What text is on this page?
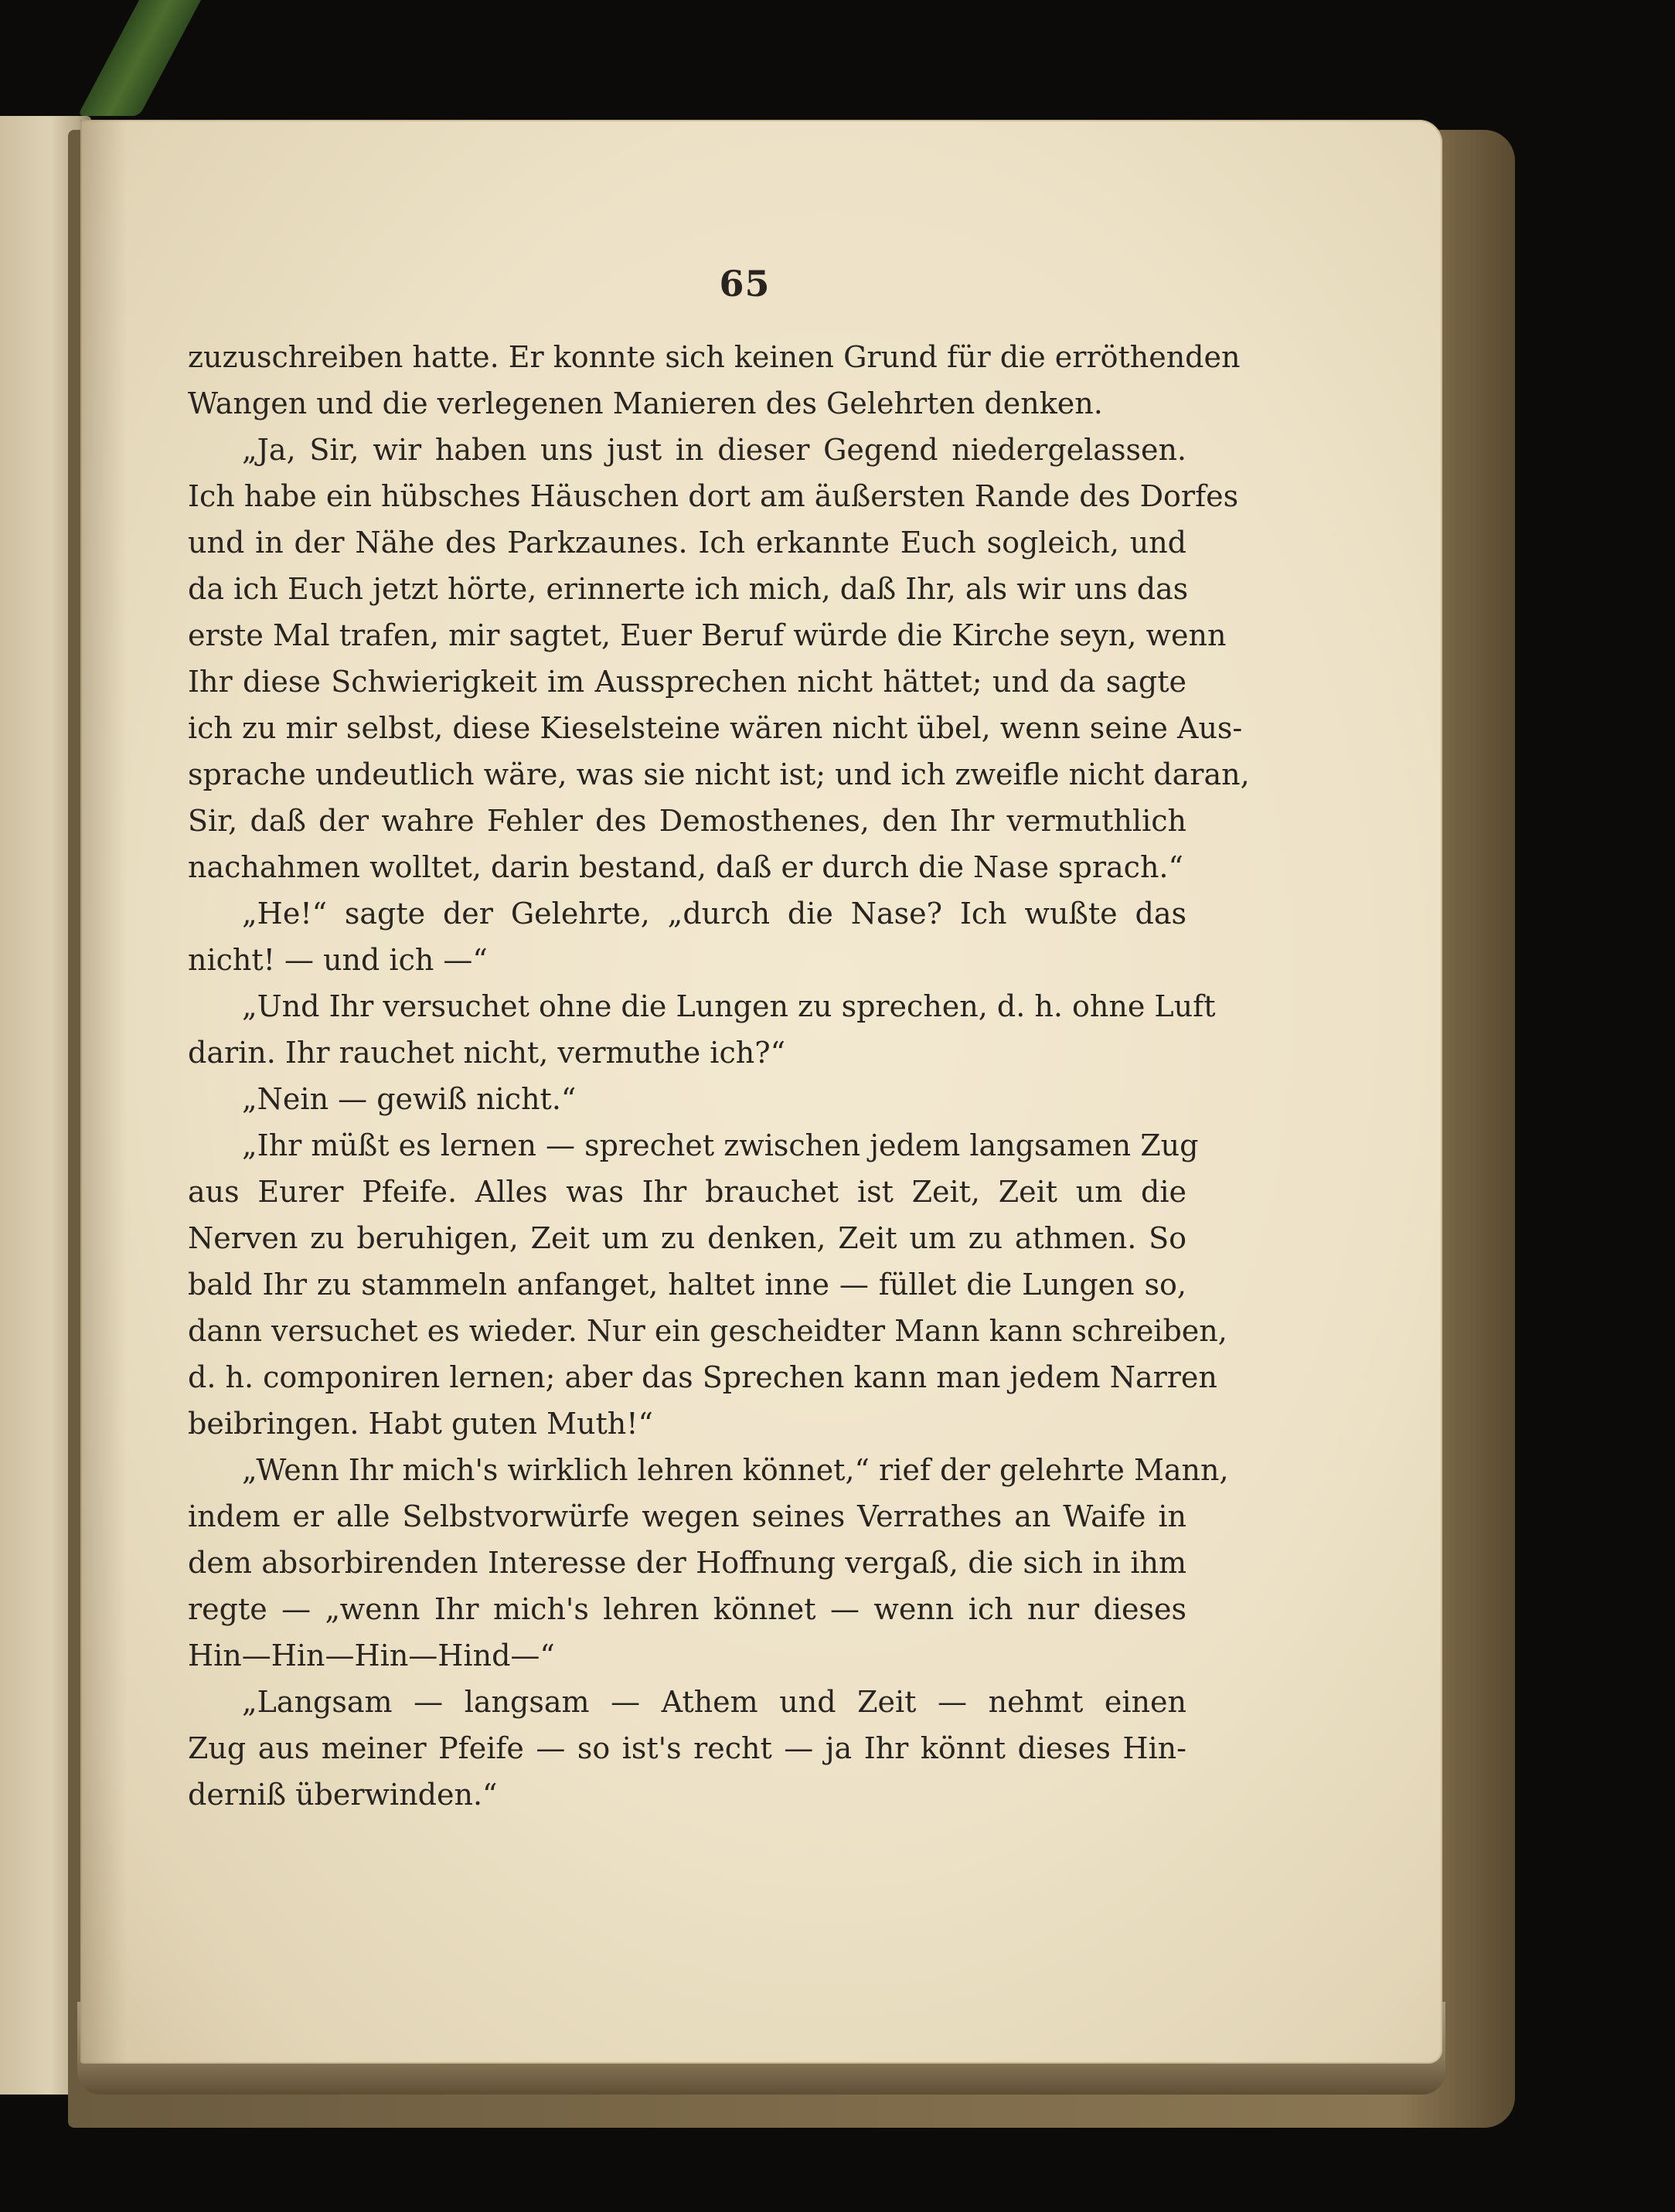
65
zuzuschreiben hatte. Er konnte sich keinen Grund für die erröthenden
Wangen und die verlegenen Manieren des Gelehrten denken.
„Ja, Sir, wir haben uns just in dieser Gegend niedergelassen.
Ich habe ein hübsches Häuschen dort am äußersten Rande des Dorfes
und in der Nähe des Parkzaunes. Ich erkannte Euch sogleich, und
da ich Euch jetzt hörte, erinnerte ich mich, daß Ihr, als wir uns das
erste Mal trafen, mir sagtet, Euer Beruf würde die Kirche seyn, wenn
Ihr diese Schwierigkeit im Aussprechen nicht hättet; und da sagte
ich zu mir selbst, diese Kieselsteine wären nicht übel, wenn seine Aus-
sprache undeutlich wäre, was sie nicht ist; und ich zweifle nicht daran,
Sir, daß der wahre Fehler des Demosthenes, den Ihr vermuthlich
nachahmen wolltet, darin bestand, daß er durch die Nase sprach.“
„He!“ sagte der Gelehrte, „durch die Nase? Ich wußte das
nicht! — und ich —“
„Und Ihr versuchet ohne die Lungen zu sprechen, d. h. ohne Luft
darin. Ihr rauchet nicht, vermuthe ich?“
„Nein — gewiß nicht.“
„Ihr müßt es lernen — sprechet zwischen jedem langsamen Zug
aus Eurer Pfeife. Alles was Ihr brauchet ist Zeit, Zeit um die
Nerven zu beruhigen, Zeit um zu denken, Zeit um zu athmen. So
bald Ihr zu stammeln anfanget, haltet inne — füllet die Lungen so,
dann versuchet es wieder. Nur ein gescheidter Mann kann schreiben,
d. h. componiren lernen; aber das Sprechen kann man jedem Narren
beibringen. Habt guten Muth!“
„Wenn Ihr mich's wirklich lehren könnet,“ rief der gelehrte Mann,
indem er alle Selbstvorwürfe wegen seines Verrathes an Waife in
dem absorbirenden Interesse der Hoffnung vergaß, die sich in ihm
regte — „wenn Ihr mich's lehren könnet — wenn ich nur dieses
Hin—Hin—Hin—Hind—“
„Langsam — langsam — Athem und Zeit — nehmt einen
Zug aus meiner Pfeife — so ist's recht — ja Ihr könnt dieses Hin-
derniß überwinden.“
